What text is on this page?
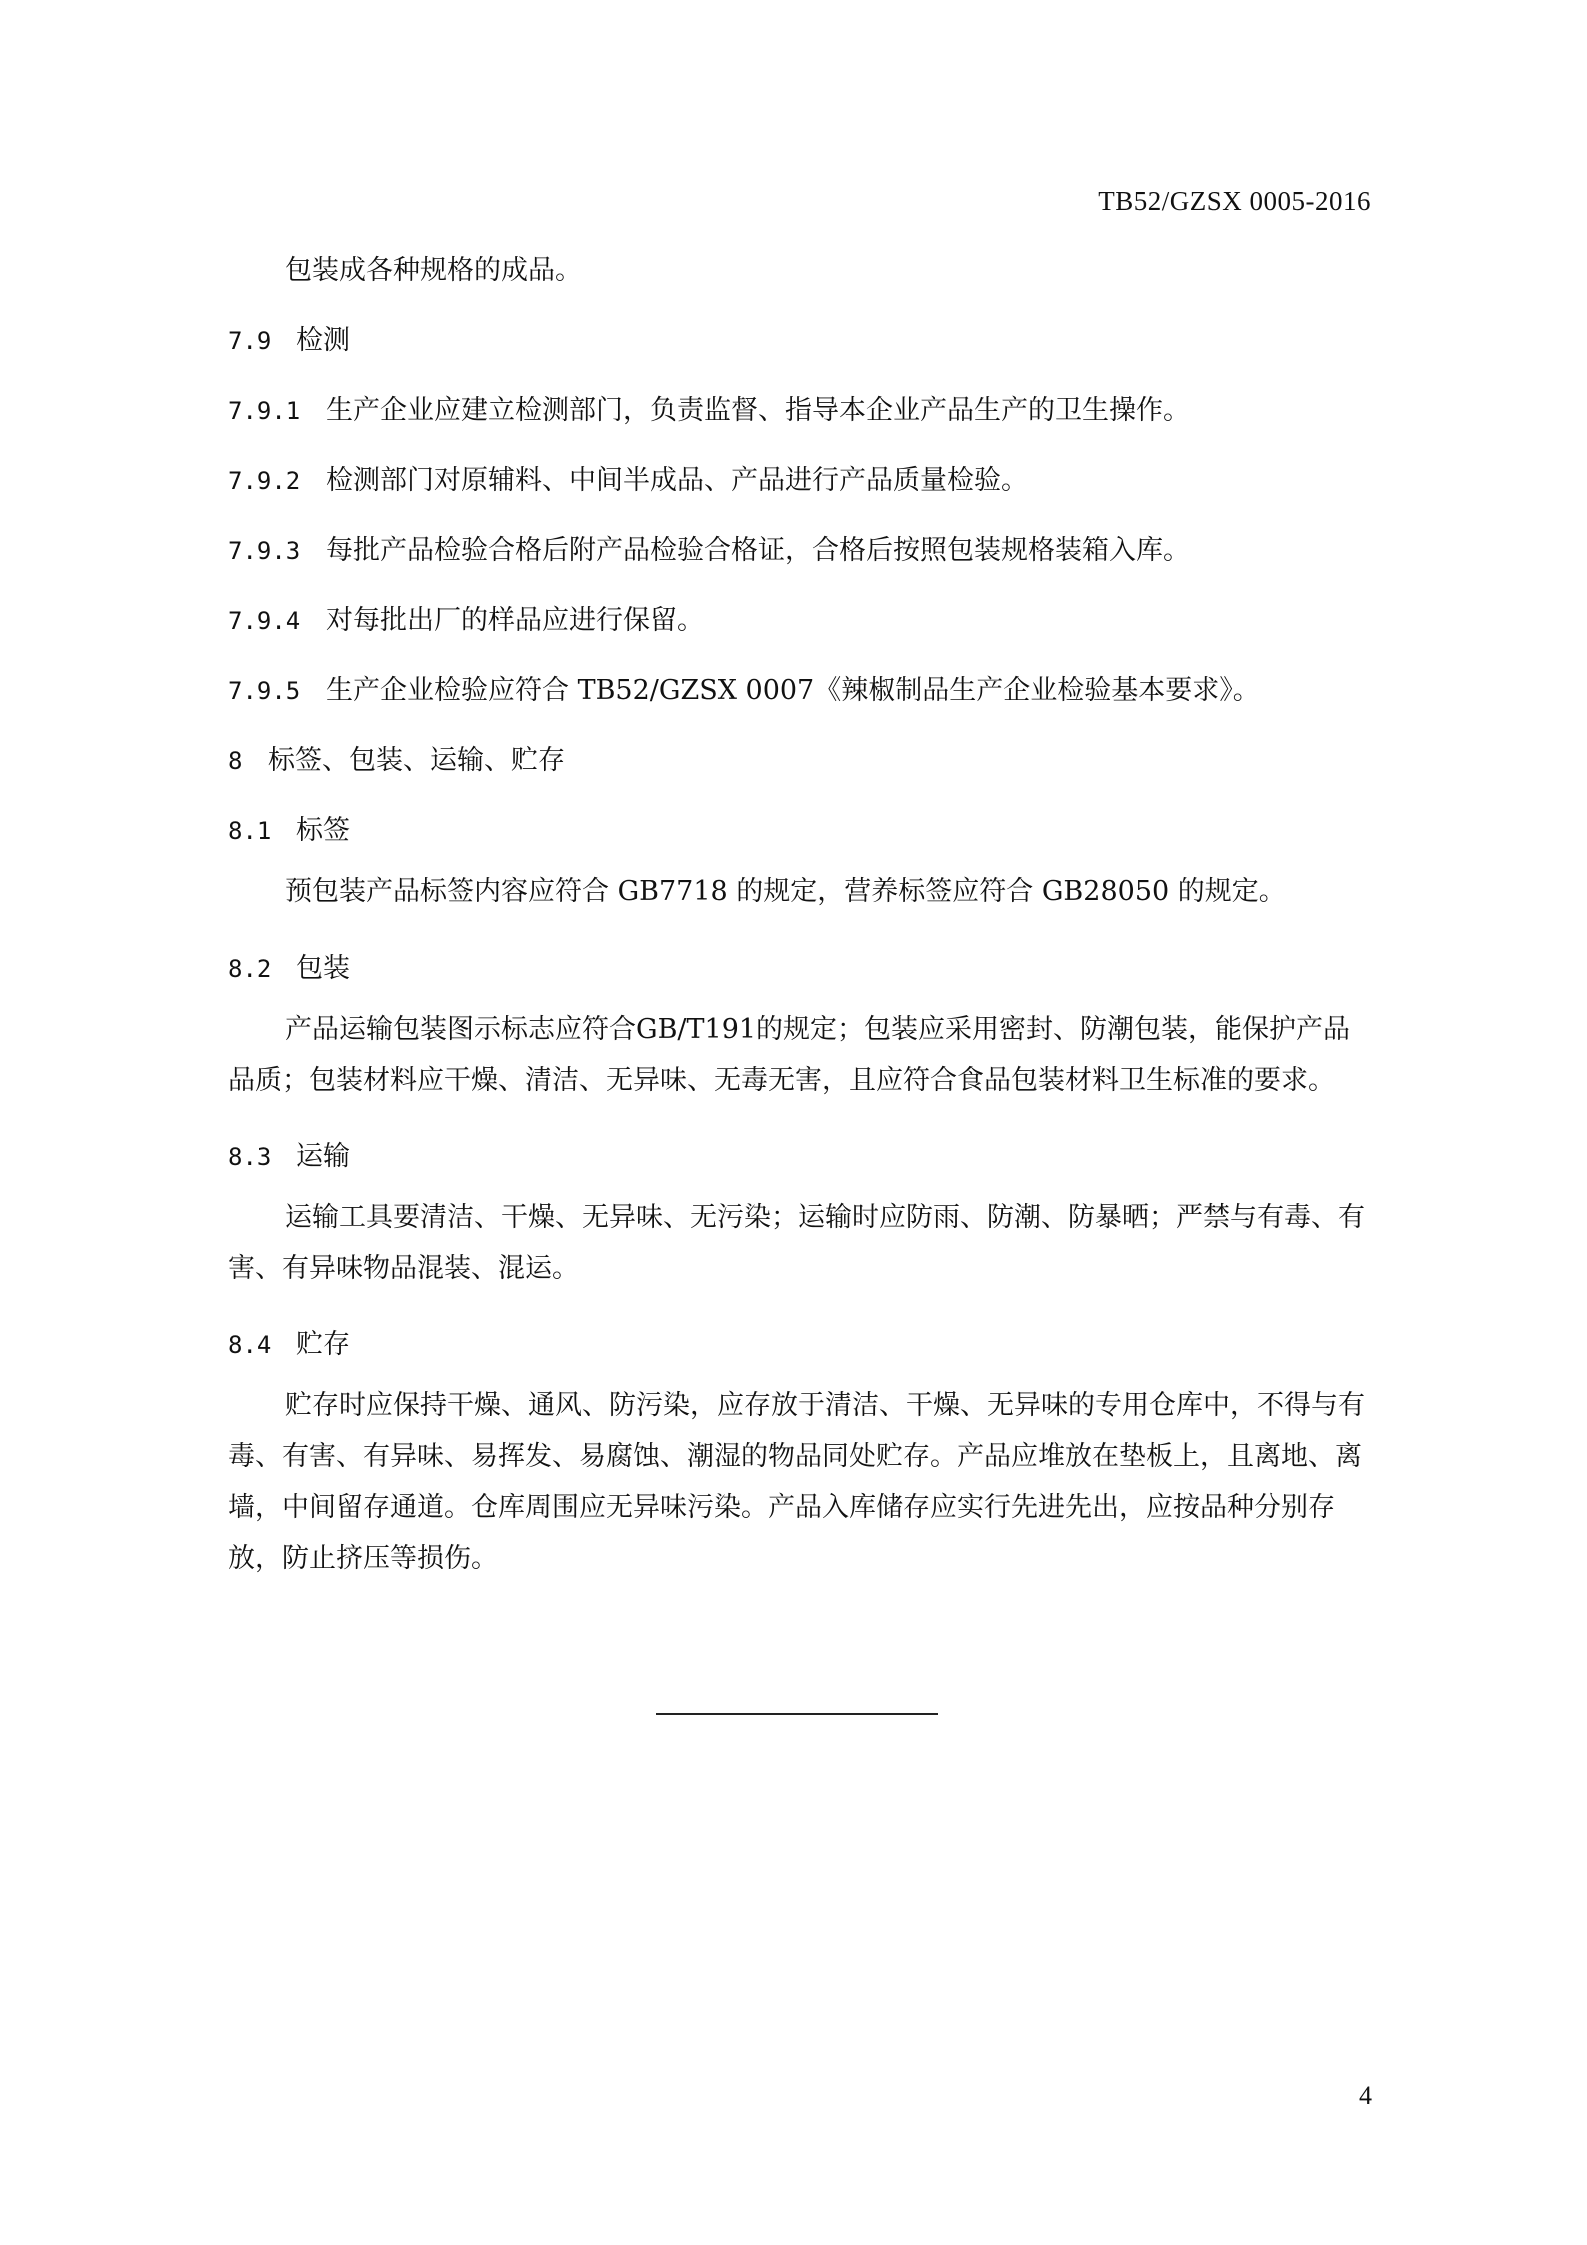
TB52/GZSX 0005-2016
包装成各种规格的成品。
7.9 检测
7.9.1 生产企业应建立检测部门，负责监督、指导本企业产品生产的卫生操作。
7.9.2 检测部门对原辅料、中间半成品、产品进行产品质量检验。
7.9.3 每批产品检验合格后附产品检验合格证，合格后按照包装规格装箱入库。
7.9.4 对每批出厂的样品应进行保留。
7.9.5 生产企业检验应符合 TB52/GZSX 0007《辣椒制品生产企业检验基本要求》。
8 标签、包装、运输、贮存
8.1 标签
预包装产品标签内容应符合 GB7718 的规定，营养标签应符合 GB28050 的规定。
8.2 包装
产品运输包装图示标志应符合GB/T191的规定；包装应采用密封、防潮包装，能保护产品品质；包装材料应干燥、清洁、无异味、无毒无害，且应符合食品包装材料卫生标准的要求。
8.3 运输
运输工具要清洁、干燥、无异味、无污染；运输时应防雨、防潮、防暴晒；严禁与有毒、有害、有异味物品混装、混运。
8.4 贮存
贮存时应保持干燥、通风、防污染，应存放于清洁、干燥、无异味的专用仓库中，不得与有毒、有害、有异味、易挥发、易腐蚀、潮湿的物品同处贮存。产品应堆放在垫板上，且离地、离墙，中间留存通道。仓库周围应无异味污染。产品入库储存应实行先进先出，应按品种分别存放，防止挤压等损伤。
4
